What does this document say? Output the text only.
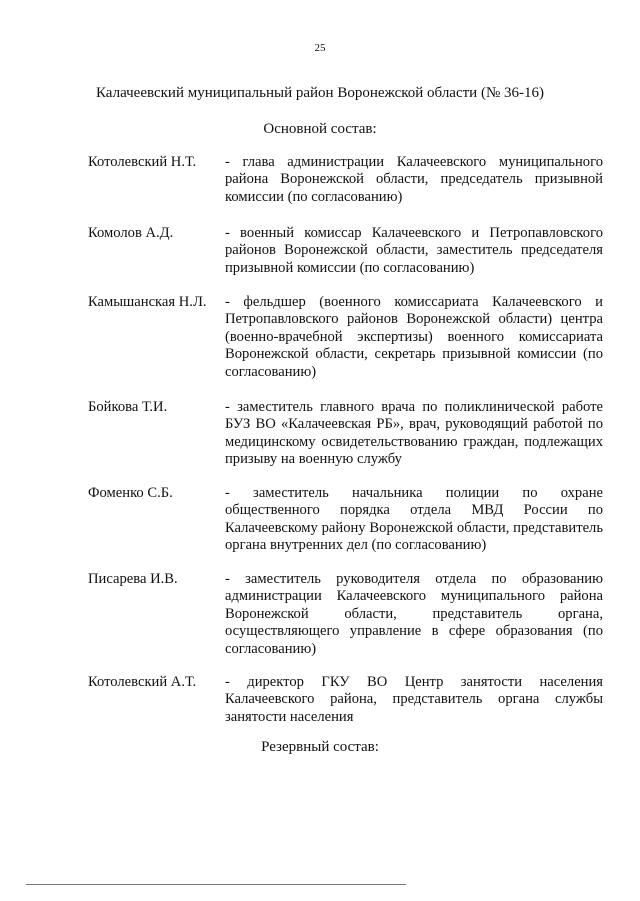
25
Калачеевский муниципальный район Воронежской области (№ 36-16)
Основной состав:
Котолевский Н.Т.	- глава администрации Калачеевского муниципального района Воронежской области, председатель призывной комиссии (по согласованию)
Комолов А.Д.	- военный комиссар Калачеевского и Петропавловского районов Воронежской области, заместитель председателя призывной комиссии (по согласованию)
Камышанская Н.Л.	- фельдшер (военного комиссариата Калачеевского и Петропавловского районов Воронежской области) центра (военно-врачебной экспертизы) военного комиссариата Воронежской области, секретарь призывной комиссии (по согласованию)
Бойкова Т.И.	- заместитель главного врача по поликлинической работе БУЗ ВО «Калачеевская РБ», врач, руководящий работой по медицинскому освидетельствованию граждан, подлежащих призыву на военную службу
Фоменко С.Б.	- заместитель начальника полиции по охране общественного порядка отдела МВД России по Калачеевскому району Воронежской области, представитель органа внутренних дел (по согласованию)
Писарева И.В.	- заместитель руководителя отдела по образованию администрации Калачеевского муниципального района Воронежской области, представитель органа, осуществляющего управление в сфере образования (по согласованию)
Котолевский А.Т.	- директор ГКУ ВО Центр занятости населения Калачеевского района, представитель органа службы занятости населения
Резервный состав:
